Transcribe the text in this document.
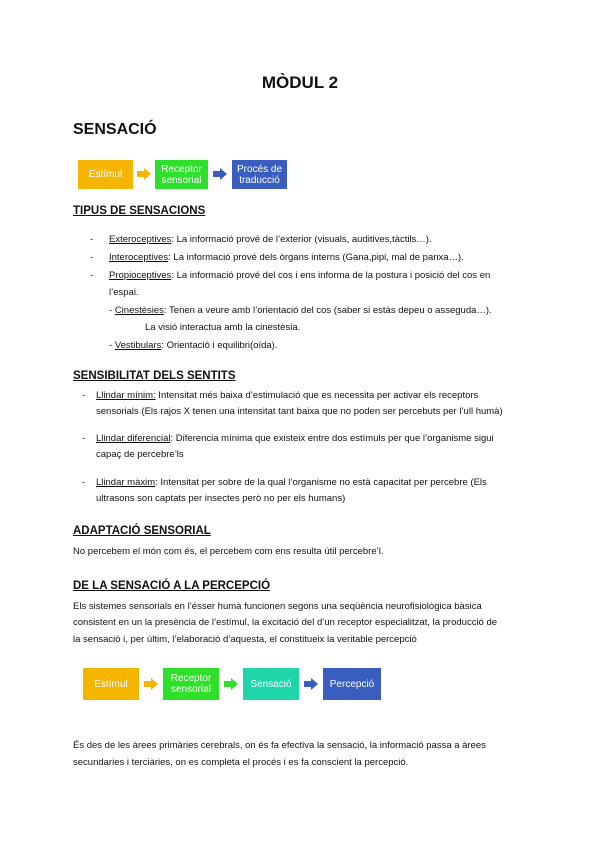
MÒDUL 2
SENSACIÓ
Estímul	Receptor sensorial
Procés de traducció
TIPUS DE SENSACIONS
- Exteroceptives: La informació prové de l’exterior (visuals, auditives,tàctils…).
- Interoceptives: La informació prové dels òrgans interns (Gana,pipi, mal de panxa…).
- Propioceptives: La informació prové del cos i ens informa de la postura i posició del cos en
l’espai.
- Cinestèsies: Tenen a veure amb l’orientació del cos (saber si estàs depeu o asseguda…).
La visió interactua amb la cinestèsia.
- Vestibulars: Orientació i equilibri(oïda).
SENSIBILITAT DELS SENTITS
- Llindar mínim: Intensitat més baixa d’estimulació que es necessita per activar els receptors
sensorials (Els rajos X tenen una intensitat tant baixa que no poden ser percebuts per l’ull humà)
- Llindar diferencial: Diferencia mínima que existeix entre dos estímuls per que l’organisme sigui
capaç de percebre’ls
- Llindar màxim: Intensitat per sobre de la qual l’organisme no està capacitat per percebre (Els
ultrasons son captats per insectes però no per els humans)
ADAPTACIÓ SENSORIAL
No percebem el món com és, el percebem com ens resulta útil percebre’l.
DE LA SENSACIÓ A LA PERCEPCIÓ
Els sistemes sensorials en l’ésser humà funcionen segons una seqüència neurofisiològica bàsica
consistent en un la presència de l’estímul, la excitació del d’un receptor especialitzat, la producció de
la sensació i, per últim, l’elaboració d’aquesta, el constitueix la veritable percepció
Estímul	Receptor sensorial	Sensació	Percepció
És des de les àrees primàries cerebrals, on és fa efectiva la sensació, la informació passa a àrees
secundaries i terciàries, on es completa el procés i es fa conscient la percepció.
